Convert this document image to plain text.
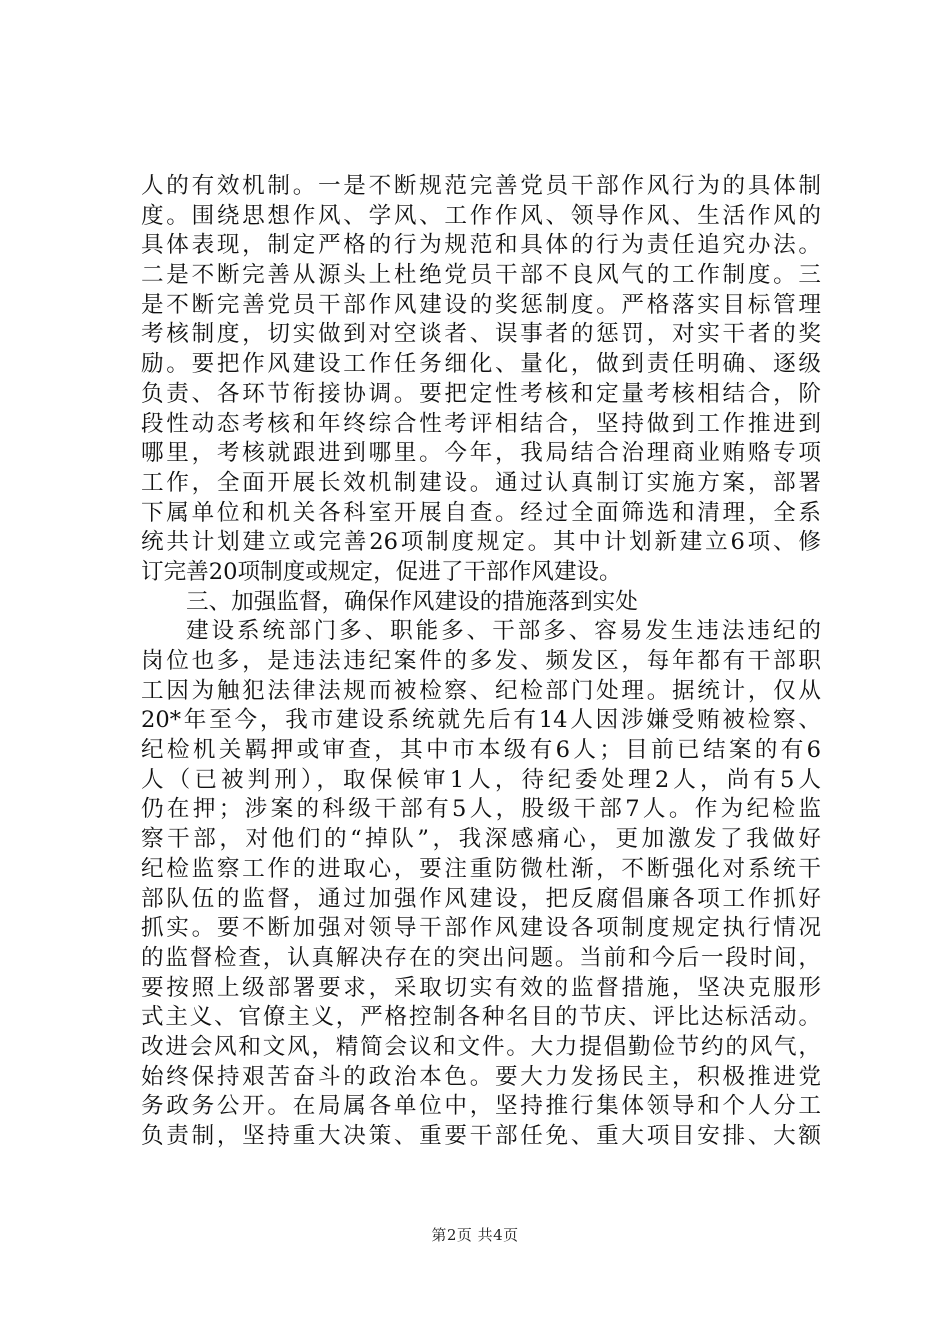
人的有效机制。一是不断规范完善党员干部作风行为的具体制
度。围绕思想作风、学风、工作作风、领导作风、生活作风的
具体表现，制定严格的行为规范和具体的行为责任追究办法。
二是不断完善从源头上杜绝党员干部不良风气的工作制度。三
是不断完善党员干部作风建设的奖惩制度。严格落实目标管理
考核制度，切实做到对空谈者、误事者的惩罚，对实干者的奖
励。要把作风建设工作任务细化、量化，做到责任明确、逐级
负责、各环节衔接协调。要把定性考核和定量考核相结合，阶
段性动态考核和年终综合性考评相结合，坚持做到工作推进到
哪里，考核就跟进到哪里。今年，我局结合治理商业贿赂专项
工作，全面开展长效机制建设。通过认真制订实施方案，部署
下属单位和机关各科室开展自查。经过全面筛选和清理，全系
统共计划建立或完善26项制度规定。其中计划新建立6项、修
订完善20项制度或规定，促进了干部作风建设。
三、加强监督，确保作风建设的措施落到实处
建设系统部门多、职能多、干部多、容易发生违法违纪的
岗位也多，是违法违纪案件的多发、频发区，每年都有干部职
工因为触犯法律法规而被检察、纪检部门处理。据统计，仅从
20*年至今，我市建设系统就先后有14人因涉嫌受贿被检察、
纪检机关羁押或审查，其中市本级有6人；目前已结案的有6
人（已被判刑），取保候审1人，待纪委处理2人，尚有5人
仍在押；涉案的科级干部有5人，股级干部7人。作为纪检监
察干部，对他们的“掉队”，我深感痛心，更加激发了我做好
纪检监察工作的进取心，要注重防微杜渐，不断强化对系统干
部队伍的监督，通过加强作风建设，把反腐倡廉各项工作抓好
抓实。要不断加强对领导干部作风建设各项制度规定执行情况
的监督检查，认真解决存在的突出问题。当前和今后一段时间，
要按照上级部署要求，采取切实有效的监督措施，坚决克服形
式主义、官僚主义，严格控制各种名目的节庆、评比达标活动。
改进会风和文风，精简会议和文件。大力提倡勤俭节约的风气，
始终保持艰苦奋斗的政治本色。要大力发扬民主，积极推进党
务政务公开。在局属各单位中，坚持推行集体领导和个人分工
负责制，坚持重大决策、重要干部任免、重大项目安排、大额
第2页 共4页
